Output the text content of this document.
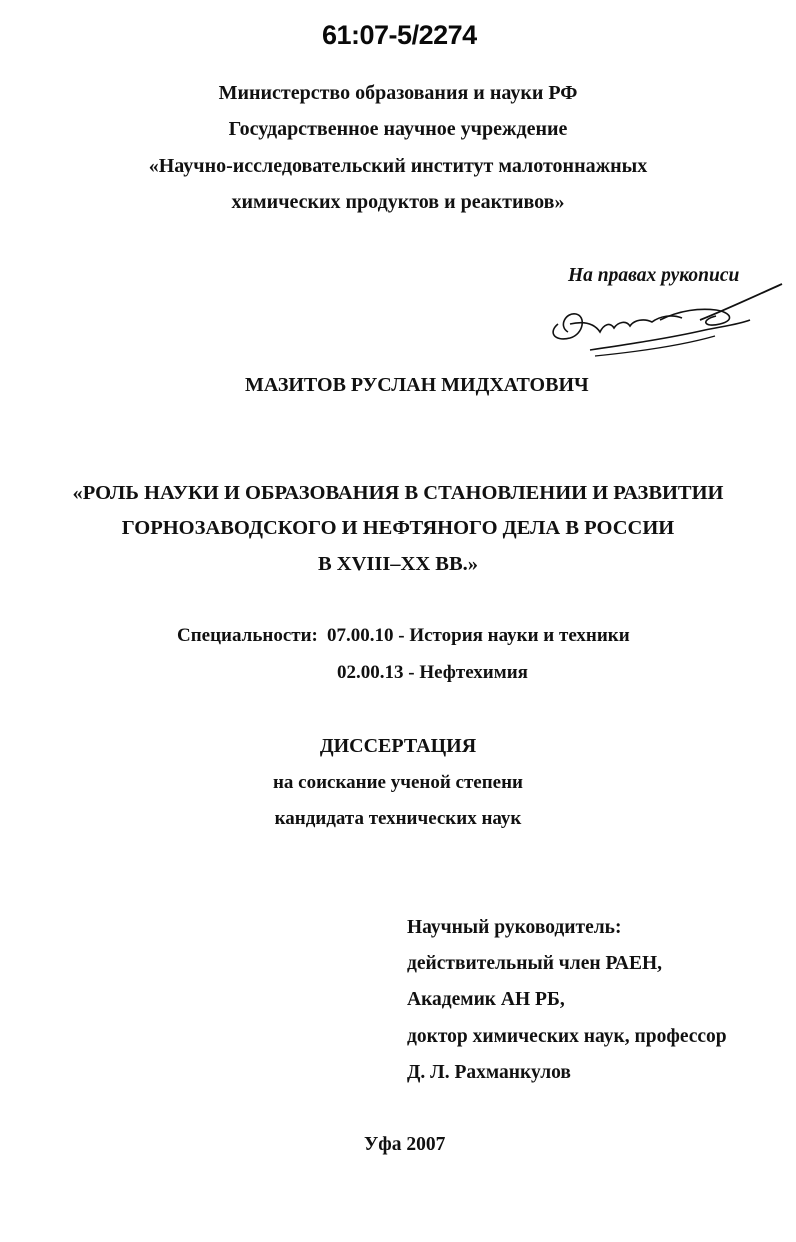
61:07-5/2274
Министерство образования и науки РФ
Государственное научное учреждение
«Научно-исследовательский институт малотоннажных
химических продуктов и реактивов»
На правах рукописи
МАЗИТОВ РУСЛАН МИДХАТОВИЧ
«РОЛЬ НАУКИ И ОБРАЗОВАНИЯ В СТАНОВЛЕНИИ И РАЗВИТИИ
ГОРНОЗАВОДСКОГО И НЕФТЯНОГО ДЕЛА В РОССИИ
В XVIII–XX ВВ.»
Специальности: 07.00.10 - История науки и техники
02.00.13 - Нефтехимия
ДИССЕРТАЦИЯ
на соискание ученой степени
кандидата технических наук
Научный руководитель:
действительный член РАЕН,
Академик АН РБ,
доктор химических наук, профессор
Д. Л. Рахманкулов
Уфа 2007
